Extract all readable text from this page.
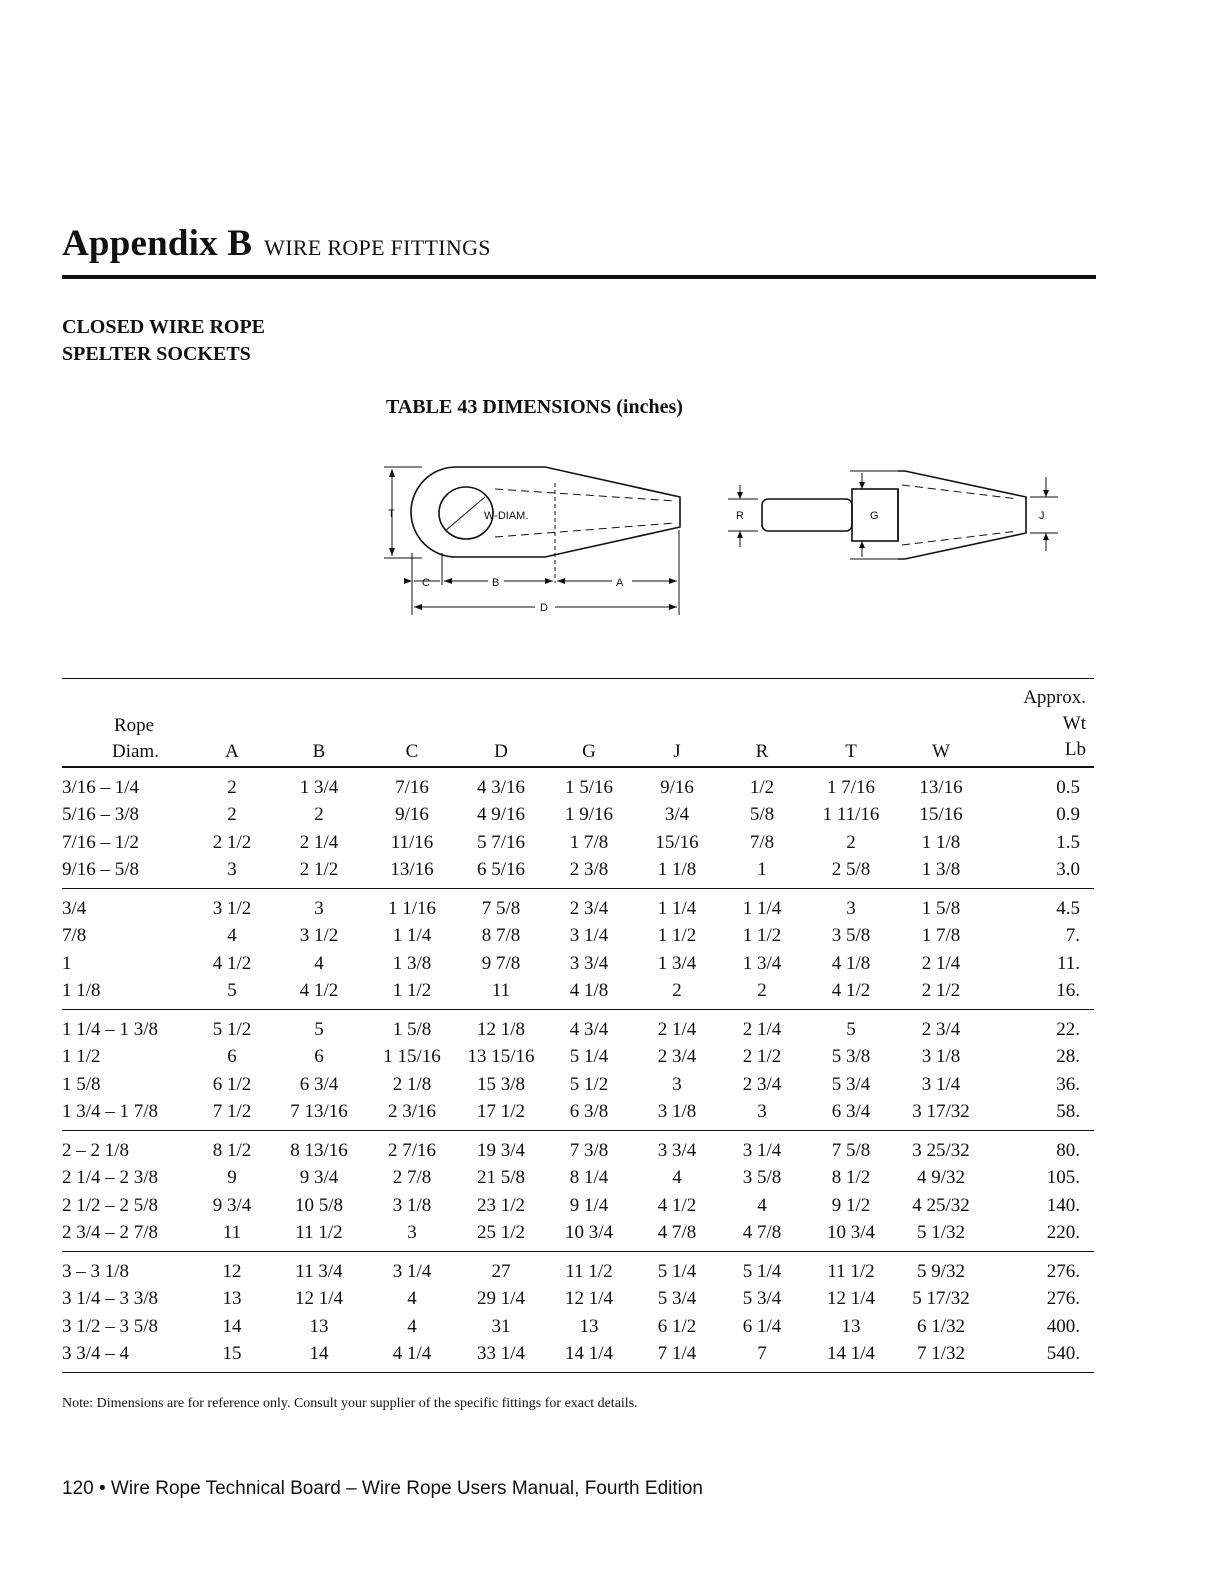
Appendix B WIRE ROPE FITTINGS
CLOSED WIRE ROPE
SPELTER SOCKETS
TABLE 43 DIMENSIONS (inches)
T	W-DIAM.
C	B	A
D
R	G	J
										Approx.
Rope										Wt
Diam.	A	B	C	D	G	J	R	T	W	Lb
3/16 – 1/4	2	1 3/4	7/16	4 3/16	1 5/16	9/16	1/2	1 7/16	13/16	0.5
5/16 – 3/8	2	2	9/16	4 9/16	1 9/16	3/4	5/8	1 11/16	15/16	0.9
7/16 – 1/2	2 1/2	2 1/4	11/16	5 7/16	1 7/8	15/16	7/8	2	1 1/8	1.5
9/16 – 5/8	3	2 1/2	13/16	6 5/16	2 3/8	1 1/8	1	2 5/8	1 3/8	3.0
3/4	3 1/2	3	1 1/16	7 5/8	2 3/4	1 1/4	1 1/4	3	1 5/8	4.5
7/8	4	3 1/2	1 1/4	8 7/8	3 1/4	1 1/2	1 1/2	3 5/8	1 7/8	7.
1	4 1/2	4	1 3/8	9 7/8	3 3/4	1 3/4	1 3/4	4 1/8	2 1/4	11.
1 1/8	5	4 1/2	1 1/2	11	4 1/8	2	2	4 1/2	2 1/2	16.
1 1/4 – 1 3/8	5 1/2	5	1 5/8	12 1/8	4 3/4	2 1/4	2 1/4	5	2 3/4	22.
1 1/2	6	6	1 15/16	13 15/16	5 1/4	2 3/4	2 1/2	5 3/8	3 1/8	28.
1 5/8	6 1/2	6 3/4	2 1/8	15 3/8	5 1/2	3	2 3/4	5 3/4	3 1/4	36.
1 3/4 – 1 7/8	7 1/2	7 13/16	2 3/16	17 1/2	6 3/8	3 1/8	3	6 3/4	3 17/32	58.
2 – 2 1/8	8 1/2	8 13/16	2 7/16	19 3/4	7 3/8	3 3/4	3 1/4	7 5/8	3 25/32	80.
2 1/4 – 2 3/8	9	9 3/4	2 7/8	21 5/8	8 1/4	4	3 5/8	8 1/2	4 9/32	105.
2 1/2 – 2 5/8	9 3/4	10 5/8	3 1/8	23 1/2	9 1/4	4 1/2	4	9 1/2	4 25/32	140.
2 3/4 – 2 7/8	11	11 1/2	3	25 1/2	10 3/4	4 7/8	4 7/8	10 3/4	5 1/32	220.
3 – 3 1/8	12	11 3/4	3 1/4	27	11 1/2	5 1/4	5 1/4	11 1/2	5 9/32	276.
3 1/4 – 3 3/8	13	12 1/4	4	29 1/4	12 1/4	5 3/4	5 3/4	12 1/4	5 17/32	276.
3 1/2 – 3 5/8	14	13	4	31	13	6 1/2	6 1/4	13	6 1/32	400.
3 3/4 – 4	15	14	4 1/4	33 1/4	14 1/4	7 1/4	7	14 1/4	7 1/32	540.
Note: Dimensions are for reference only. Consult your supplier of the specific fittings for exact details.
120 • Wire Rope Technical Board – Wire Rope Users Manual, Fourth Edition
